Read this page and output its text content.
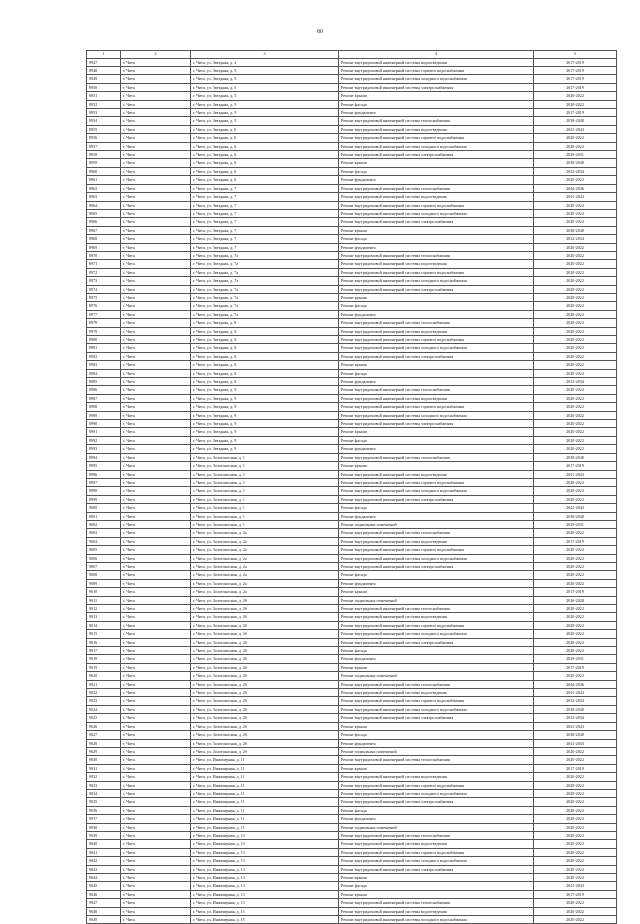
80
1	2	3	4	5
8947	г. Чита	г. Чита, ул. Звездная, д. 4	Ремонт внутридомовой инженерной системы водоотведения	2017-2019
8948	г. Чита	г. Чита, ул. Звездная, д. 5	Ремонт внутридомовой инженерной системы горячего водоснабжения	2017-2019
8949	г. Чита	г. Чита, ул. Звездная, д. 5	Ремонт внутридомовой инженерной системы холодного водоснабжения	2017-2019
8950	г. Чита	г. Чита, ул. Звездная, д. 5	Ремонт внутридомовой инженерной системы электроснабжения	2017-2019
8951	г. Чита	г. Чита, ул. Звездная, д. 5	Ремонт крыши	2020-2022
8952	г. Чита	г. Чита, ул. Звездная, д. 5	Ремонт фасада	2020-2022
8953	г. Чита	г. Чита, ул. Звездная, д. 5	Ремонт фундамента	2017-2019
8954	г. Чита	г. Чита, ул. Звездная, д. 5	Ремонт внутридомовой инженерной системы теплоснабжения	2038-2040
8955	г. Чита	г. Чита, ул. Звездная, д. 6	Ремонт внутридомовой инженерной системы водоотведения	2041-2043
8956	г. Чита	г. Чита, ул. Звездная, д. 6	Ремонт внутридомовой инженерной системы горячего водоснабжения	2020-2022
8957	г. Чита	г. Чита, ул. Звездная, д. 6	Ремонт внутридомовой инженерной системы холодного водоснабжения	2020-2022
8958	г. Чита	г. Чита, ул. Звездная, д. 6	Ремонт внутридомовой инженерной системы электроснабжения	2029-2031
8959	г. Чита	г. Чита, ул. Звездная, д. 6	Ремонт крыши	2038-2040
8960	г. Чита	г. Чита, ул. Звездная, д. 6	Ремонт фасада	2032-2034
8961	г. Чита	г. Чита, ул. Звездная, д. 6	Ремонт фундамента	2020-2022
8962	г. Чита	г. Чита, ул. Звездная, д. 7	Ремонт внутридомовой инженерной системы теплоснабжения	2044-2046
8963	г. Чита	г. Чита, ул. Звездная, д. 7	Ремонт внутридомовой инженерной системы водоотведения	2041-2043
8964	г. Чита	г. Чита, ул. Звездная, д. 7	Ремонт внутридомовой инженерной системы горячего водоснабжения	2020-2022
8965	г. Чита	г. Чита, ул. Звездная, д. 7	Ремонт внутридомовой инженерной системы холодного водоснабжения	2020-2022
8966	г. Чита	г. Чита, ул. Звездная, д. 7	Ремонт внутридомовой инженерной системы электроснабжения	2020-2022
8967	г. Чита	г. Чита, ул. Звездная, д. 7	Ремонт крыши	2038-2040
8968	г. Чита	г. Чита, ул. Звездная, д. 7	Ремонт фасада	2032-2034
8969	г. Чита	г. Чита, ул. Звездная, д. 7	Ремонт фундамента	2020-2022
8970	г. Чита	г. Чита, ул. Звездная, д. 7а	Ремонт внутридомовой инженерной системы теплоснабжения	2020-2022
8971	г. Чита	г. Чита, ул. Звездная, д. 7а	Ремонт внутридомовой инженерной системы водоотведения	2020-2022
8972	г. Чита	г. Чита, ул. Звездная, д. 7а	Ремонт внутридомовой инженерной системы горячего водоснабжения	2020-2022
8973	г. Чита	г. Чита, ул. Звездная, д. 7а	Ремонт внутридомовой инженерной системы холодного водоснабжения	2020-2022
8974	г. Чита	г. Чита, ул. Звездная, д. 7а	Ремонт внутридомовой инженерной системы электроснабжения	2020-2022
8975	г. Чита	г. Чита, ул. Звездная, д. 7а	Ремонт крыши	2020-2022
8976	г. Чита	г. Чита, ул. Звездная, д. 7а	Ремонт фасада	2020-2022
8977	г. Чита	г. Чита, ул. Звездная, д. 7а	Ремонт фундамента	2020-2022
8978	г. Чита	г. Чита, ул. Звездная, д. 8	Ремонт внутридомовой инженерной системы теплоснабжения	2020-2022
8979	г. Чита	г. Чита, ул. Звездная, д. 8	Ремонт внутридомовой инженерной системы водоотведения	2020-2022
8980	г. Чита	г. Чита, ул. Звездная, д. 8	Ремонт внутридомовой инженерной системы горячего водоснабжения	2020-2022
8981	г. Чита	г. Чита, ул. Звездная, д. 8	Ремонт внутридомовой инженерной системы холодного водоснабжения	2020-2022
8982	г. Чита	г. Чита, ул. Звездная, д. 8	Ремонт внутридомовой инженерной системы электроснабжения	2020-2022
8983	г. Чита	г. Чита, ул. Звездная, д. 8	Ремонт крыши	2020-2022
8984	г. Чита	г. Чита, ул. Звездная, д. 8	Ремонт фасада	2020-2022
8985	г. Чита	г. Чита, ул. Звездная, д. 8	Ремонт фундамента	2032-2034
8986	г. Чита	г. Чита, ул. Звездная, д. 9	Ремонт внутридомовой инженерной системы теплоснабжения	2020-2022
8987	г. Чита	г. Чита, ул. Звездная, д. 9	Ремонт внутридомовой инженерной системы водоотведения	2020-2022
8988	г. Чита	г. Чита, ул. Звездная, д. 9	Ремонт внутридомовой инженерной системы горячего водоснабжения	2020-2022
8989	г. Чита	г. Чита, ул. Звездная, д. 9	Ремонт внутридомовой инженерной системы холодного водоснабжения	2020-2022
8990	г. Чита	г. Чита, ул. Звездная, д. 9	Ремонт внутридомовой инженерной системы электроснабжения	2020-2022
8991	г. Чита	г. Чита, ул. Звездная, д. 9	Ремонт крыши	2020-2022
8992	г. Чита	г. Чита, ул. Звездная, д. 9	Ремонт фасада	2020-2022
8993	г. Чита	г. Чита, ул. Звездная, д. 9	Ремонт фундамента	2020-2022
8994	г. Чита	г. Чита, ул. Золотоносная, д. 1	Ремонт внутридомовой инженерной системы теплоснабжения	2038-2040
8995	г. Чита	г. Чита, ул. Золотоносная, д. 1	Ремонт крыши	2017-2019
8996	г. Чита	г. Чита, ул. Золотоносная, д. 1	Ремонт внутридомовой инженерной системы водоотведения	2041-2043
8997	г. Чита	г. Чита, ул. Золотоносная, д. 1	Ремонт внутридомовой инженерной системы горячего водоснабжения	2020-2022
8998	г. Чита	г. Чита, ул. Золотоносная, д. 1	Ремонт внутридомовой инженерной системы холодного водоснабжения	2020-2022
8999	г. Чита	г. Чита, ул. Золотоносная, д. 1	Ремонт внутридомовой инженерной системы электроснабжения	2020-2022
9000	г. Чита	г. Чита, ул. Золотоносная, д. 1	Ремонт фасада	2041-2043
9001	г. Чита	г. Чита, ул. Золотоносная, д. 1	Ремонт фундамента	2038-2040
9002	г. Чита	г. Чита, ул. Золотоносная, д. 1	Ремонт подвальных помещений	2029-2031
9003	г. Чита	г. Чита, ул. Золотоносная, д. 2а	Ремонт внутридомовой инженерной системы теплоснабжения	2020-2022
9004	г. Чита	г. Чита, ул. Золотоносная, д. 2а	Ремонт внутридомовой инженерной системы водоотведения	2017-2019
9005	г. Чита	г. Чита, ул. Золотоносная, д. 2а	Ремонт внутридомовой инженерной системы горячего водоснабжения	2020-2022
9006	г. Чита	г. Чита, ул. Золотоносная, д. 2а	Ремонт внутридомовой инженерной системы холодного водоснабжения	2020-2022
9007	г. Чита	г. Чита, ул. Золотоносная, д. 2а	Ремонт внутридомовой инженерной системы электроснабжения	2020-2022
9008	г. Чита	г. Чита, ул. Золотоносная, д. 2а	Ремонт фасада	2020-2022
9009	г. Чита	г. Чита, ул. Золотоносная, д. 2а	Ремонт фундамента	2020-2022
9010	г. Чита	г. Чита, ул. Золотоносная, д. 2а	Ремонт крыши	2017-2019
9011	г. Чита	г. Чита, ул. Золотоносная, д. 2б	Ремонт подвальных помещений	2026-2028
9012	г. Чита	г. Чита, ул. Золотоносная, д. 2б	Ремонт внутридомовой инженерной системы теплоснабжения	2020-2022
9013	г. Чита	г. Чита, ул. Золотоносная, д. 2б	Ремонт внутридомовой инженерной системы водоотведения	2020-2022
9014	г. Чита	г. Чита, ул. Золотоносная, д. 2б	Ремонт внутридомовой инженерной системы горячего водоснабжения	2020-2022
9015	г. Чита	г. Чита, ул. Золотоносная, д. 2б	Ремонт внутридомовой инженерной системы холодного водоснабжения	2020-2022
9016	г. Чита	г. Чита, ул. Золотоносная, д. 2б	Ремонт внутридомовой инженерной системы электроснабжения	2020-2022
9017	г. Чита	г. Чита, ул. Золотоносная, д. 2б	Ремонт фасада	2020-2022
9018	г. Чита	г. Чита, ул. Золотоносная, д. 2б	Ремонт фундамента	2029-2031
9019	г. Чита	г. Чита, ул. Золотоносная, д. 2б	Ремонт крыши	2017-2019
9020	г. Чита	г. Чита, ул. Золотоносная, д. 2б	Ремонт подвальных помещений	2020-2022
9021	г. Чита	г. Чита, ул. Золотоносная, д. 2б	Ремонт внутридомовой инженерной системы теплоснабжения	2044-2046
9022	г. Чита	г. Чита, ул. Золотоносная, д. 2б	Ремонт внутридомовой инженерной системы водоотведения	2041-2043
9023	г. Чита	г. Чита, ул. Золотоносная, д. 2б	Ремонт внутридомовой инженерной системы горячего водоснабжения	2032-2034
9024	г. Чита	г. Чита, ул. Золотоносная, д. 2б	Ремонт внутридомовой инженерной системы холодного водоснабжения	2038-2040
9025	г. Чита	г. Чита, ул. Золотоносная, д. 2б	Ремонт внутридомовой инженерной системы электроснабжения	2032-2034
9026	г. Чита	г. Чита, ул. Золотоносная, д. 2б	Ремонт крыши	2041-2043
9027	г. Чита	г. Чита, ул. Золотоносная, д. 2б	Ремонт фасада	2038-2040
9028	г. Чита	г. Чита, ул. Золотоносная, д. 2б	Ремонт фундамента	2041-2043
9029	г. Чита	г. Чита, ул. Золотоносная, д. 2б	Ремонт подвальных помещений	2020-2022
9030	г. Чита	г. Чита, ул. Инженерная, д. 11	Ремонт внутридомовой инженерной системы теплоснабжения	2020-2022
9031	г. Чита	г. Чита, ул. Инженерная, д. 11	Ремонт крыши	2017-2019
9032	г. Чита	г. Чита, ул. Инженерная, д. 11	Ремонт внутридомовой инженерной системы водоотведения	2020-2022
9033	г. Чита	г. Чита, ул. Инженерная, д. 11	Ремонт внутридомовой инженерной системы горячего водоснабжения	2020-2022
9034	г. Чита	г. Чита, ул. Инженерная, д. 11	Ремонт внутридомовой инженерной системы холодного водоснабжения	2020-2022
9035	г. Чита	г. Чита, ул. Инженерная, д. 11	Ремонт внутридомовой инженерной системы электроснабжения	2020-2022
9036	г. Чита	г. Чита, ул. Инженерная, д. 11	Ремонт фасада	2020-2022
9037	г. Чита	г. Чита, ул. Инженерная, д. 11	Ремонт фундамента	2020-2022
9038	г. Чита	г. Чита, ул. Инженерная, д. 11	Ремонт подвальных помещений	2020-2022
9039	г. Чита	г. Чита, ул. Инженерная, д. 13	Ремонт внутридомовой инженерной системы теплоснабжения	2020-2022
9040	г. Чита	г. Чита, ул. Инженерная, д. 13	Ремонт внутридомовой инженерной системы водоотведения	2020-2022
9041	г. Чита	г. Чита, ул. Инженерная, д. 13	Ремонт внутридомовой инженерной системы горячего водоснабжения	2020-2022
9042	г. Чита	г. Чита, ул. Инженерная, д. 13	Ремонт внутридомовой инженерной системы холодного водоснабжения	2020-2022
9043	г. Чита	г. Чита, ул. Инженерная, д. 13	Ремонт внутридомовой инженерной системы электроснабжения	2020-2022
9044	г. Чита	г. Чита, ул. Инженерная, д. 13	Ремонт крыши	2020-2022
9045	г. Чита	г. Чита, ул. Инженерная, д. 13	Ремонт фасада	2041-2043
9046	г. Чита	г. Чита, ул. Инженерная, д. 13	Ремонт крыши	2017-2019
9047	г. Чита	г. Чита, ул. Инженерная, д. 13	Ремонт внутридомовой инженерной системы теплоснабжения	2020-2022
9048	г. Чита	г. Чита, ул. Инженерная, д. 15	Ремонт внутридомовой инженерной системы водоотведения	2020-2022
9049	г. Чита	г. Чита, ул. Инженерная, д. 15	Ремонт внутридомовой инженерной системы холодного водоснабжения	2020-2022
